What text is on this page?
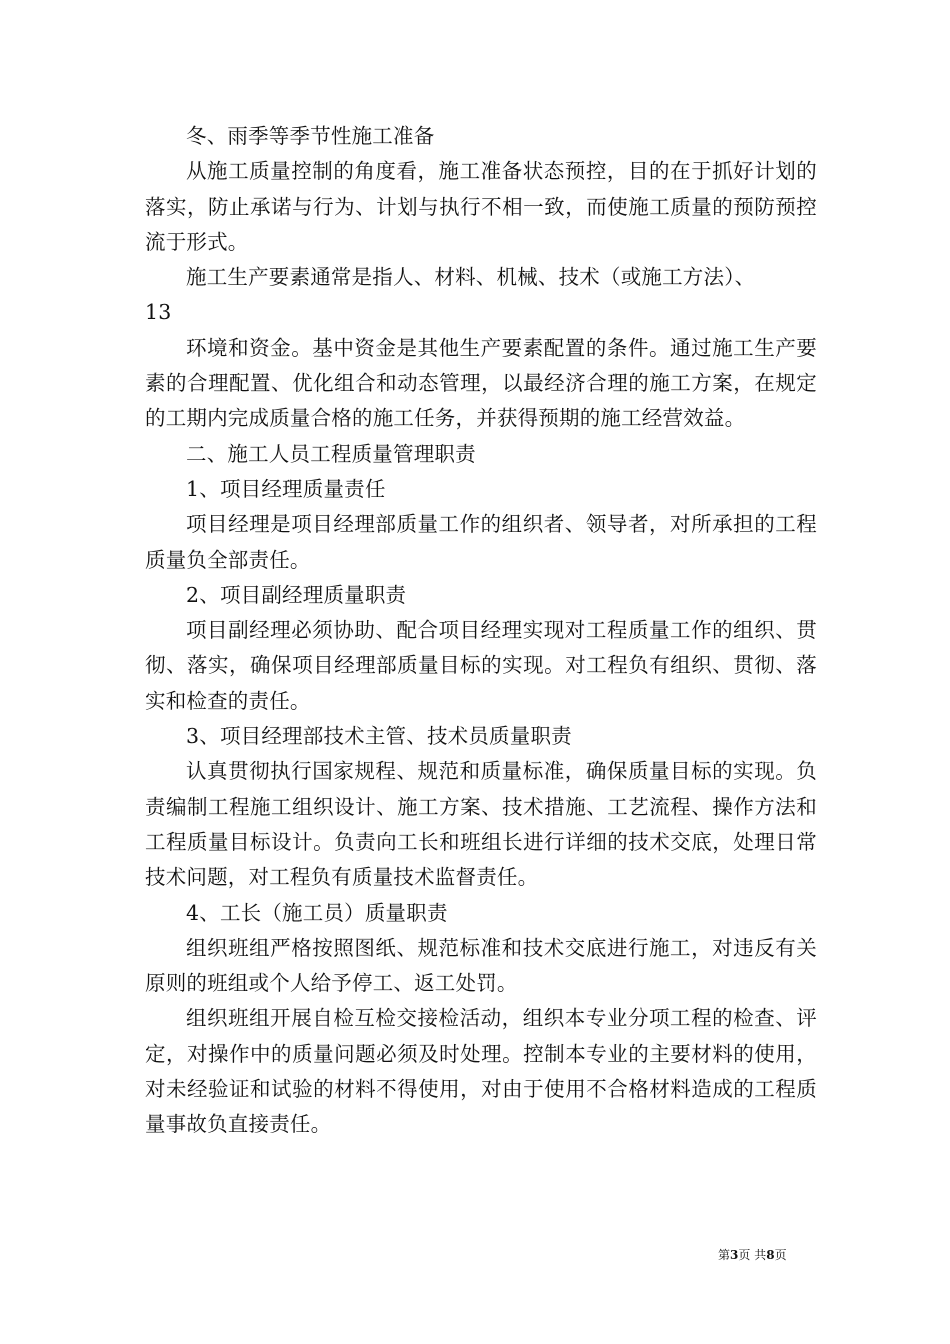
冬、雨季等季节性施工准备

从施工质量控制的角度看，施工准备状态预控，目的在于抓好计划的落实，防止承诺与行为、计划与执行不相一致，而使施工质量的预防预控流于形式。

施工生产要素通常是指人、材料、机械、技术（或施工方法）、

13

环境和资金。基中资金是其他生产要素配置的条件。通过施工生产要素的合理配置、优化组合和动态管理，以最经济合理的施工方案，在规定的工期内完成质量合格的施工任务，并获得预期的施工经营效益。

二、施工人员工程质量管理职责

1、项目经理质量责任

项目经理是项目经理部质量工作的组织者、领导者，对所承担的工程质量负全部责任。

2、项目副经理质量职责

项目副经理必须协助、配合项目经理实现对工程质量工作的组织、贯彻、落实，确保项目经理部质量目标的实现。对工程负有组织、贯彻、落实和检查的责任。

3、项目经理部技术主管、技术员质量职责

认真贯彻执行国家规程、规范和质量标准，确保质量目标的实现。负责编制工程施工组织设计、施工方案、技术措施、工艺流程、操作方法和工程质量目标设计。负责向工长和班组长进行详细的技术交底，处理日常技术问题，对工程负有质量技术监督责任。

4、工长（施工员）质量职责

组织班组严格按照图纸、规范标准和技术交底进行施工，对违反有关原则的班组或个人给予停工、返工处罚。

组织班组开展自检互检交接检活动，组织本专业分项工程的检查、评定，对操作中的质量问题必须及时处理。控制本专业的主要材料的使用，对未经验证和试验的材料不得使用，对由于使用不合格材料造成的工程质量事故负直接责任。

第3页 共8页
